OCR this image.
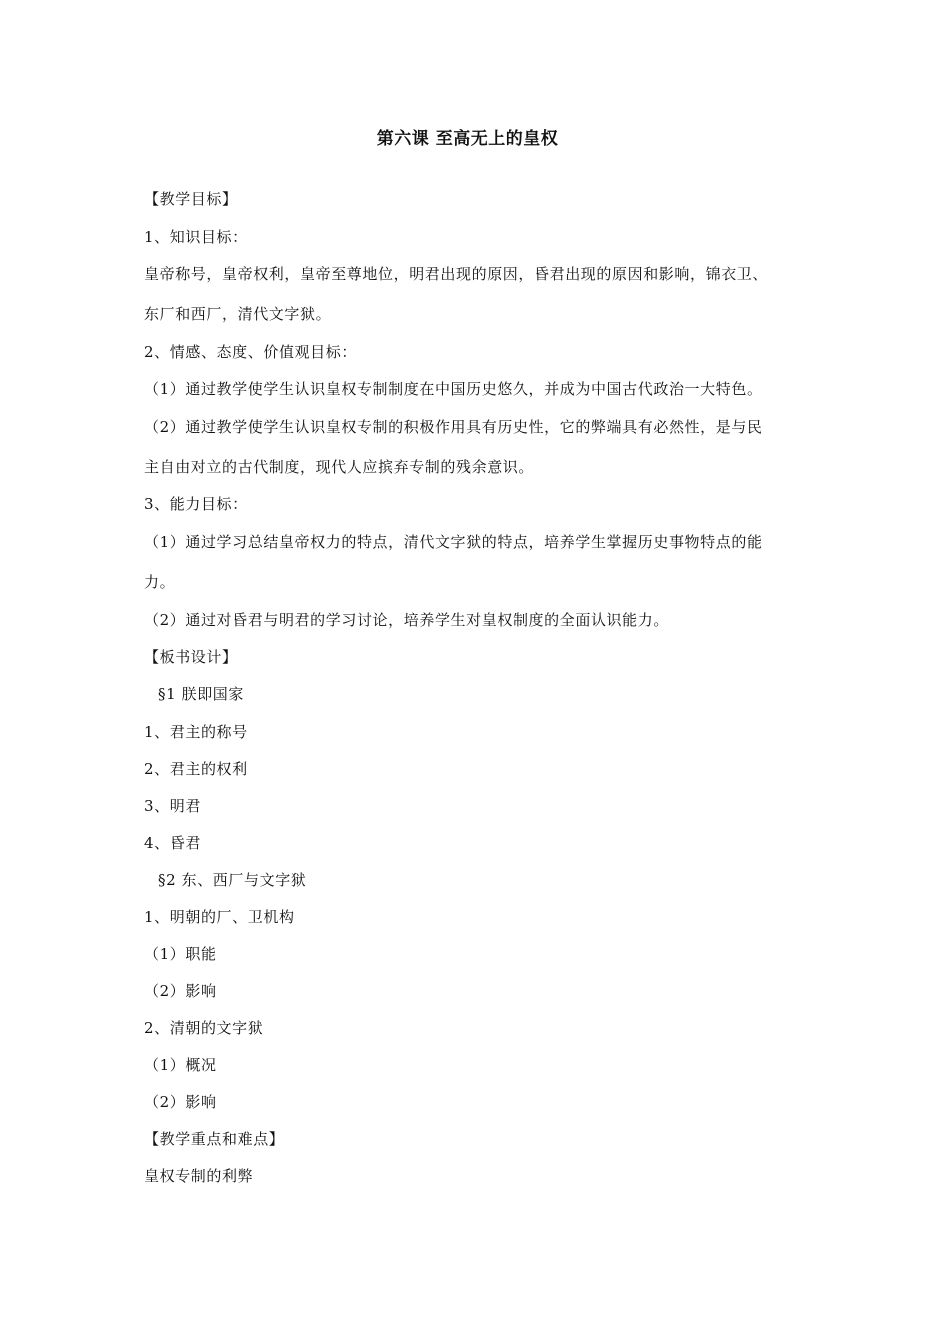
第六课 至高无上的皇权
【教学目标】
1、知识目标：
皇帝称号，皇帝权利，皇帝至尊地位，明君出现的原因，昏君出现的原因和影响，锦衣卫、
东厂和西厂，清代文字狱。
2、情感、态度、价值观目标：
（1）通过教学使学生认识皇权专制制度在中国历史悠久，并成为中国古代政治一大特色。
（2）通过教学使学生认识皇权专制的积极作用具有历史性，它的弊端具有必然性，是与民
主自由对立的古代制度，现代人应摈弃专制的残余意识。
3、能力目标：
（1）通过学习总结皇帝权力的特点，清代文字狱的特点，培养学生掌握历史事物特点的能
力。
（2）通过对昏君与明君的学习讨论，培养学生对皇权制度的全面认识能力。
【板书设计】
§1 朕即国家
1、君主的称号
2、君主的权利
3、明君
4、昏君
§2 东、西厂与文字狱
1、明朝的厂、卫机构
（1）职能
（2）影响
2、清朝的文字狱
（1）概况
（2）影响
【教学重点和难点】
皇权专制的利弊
